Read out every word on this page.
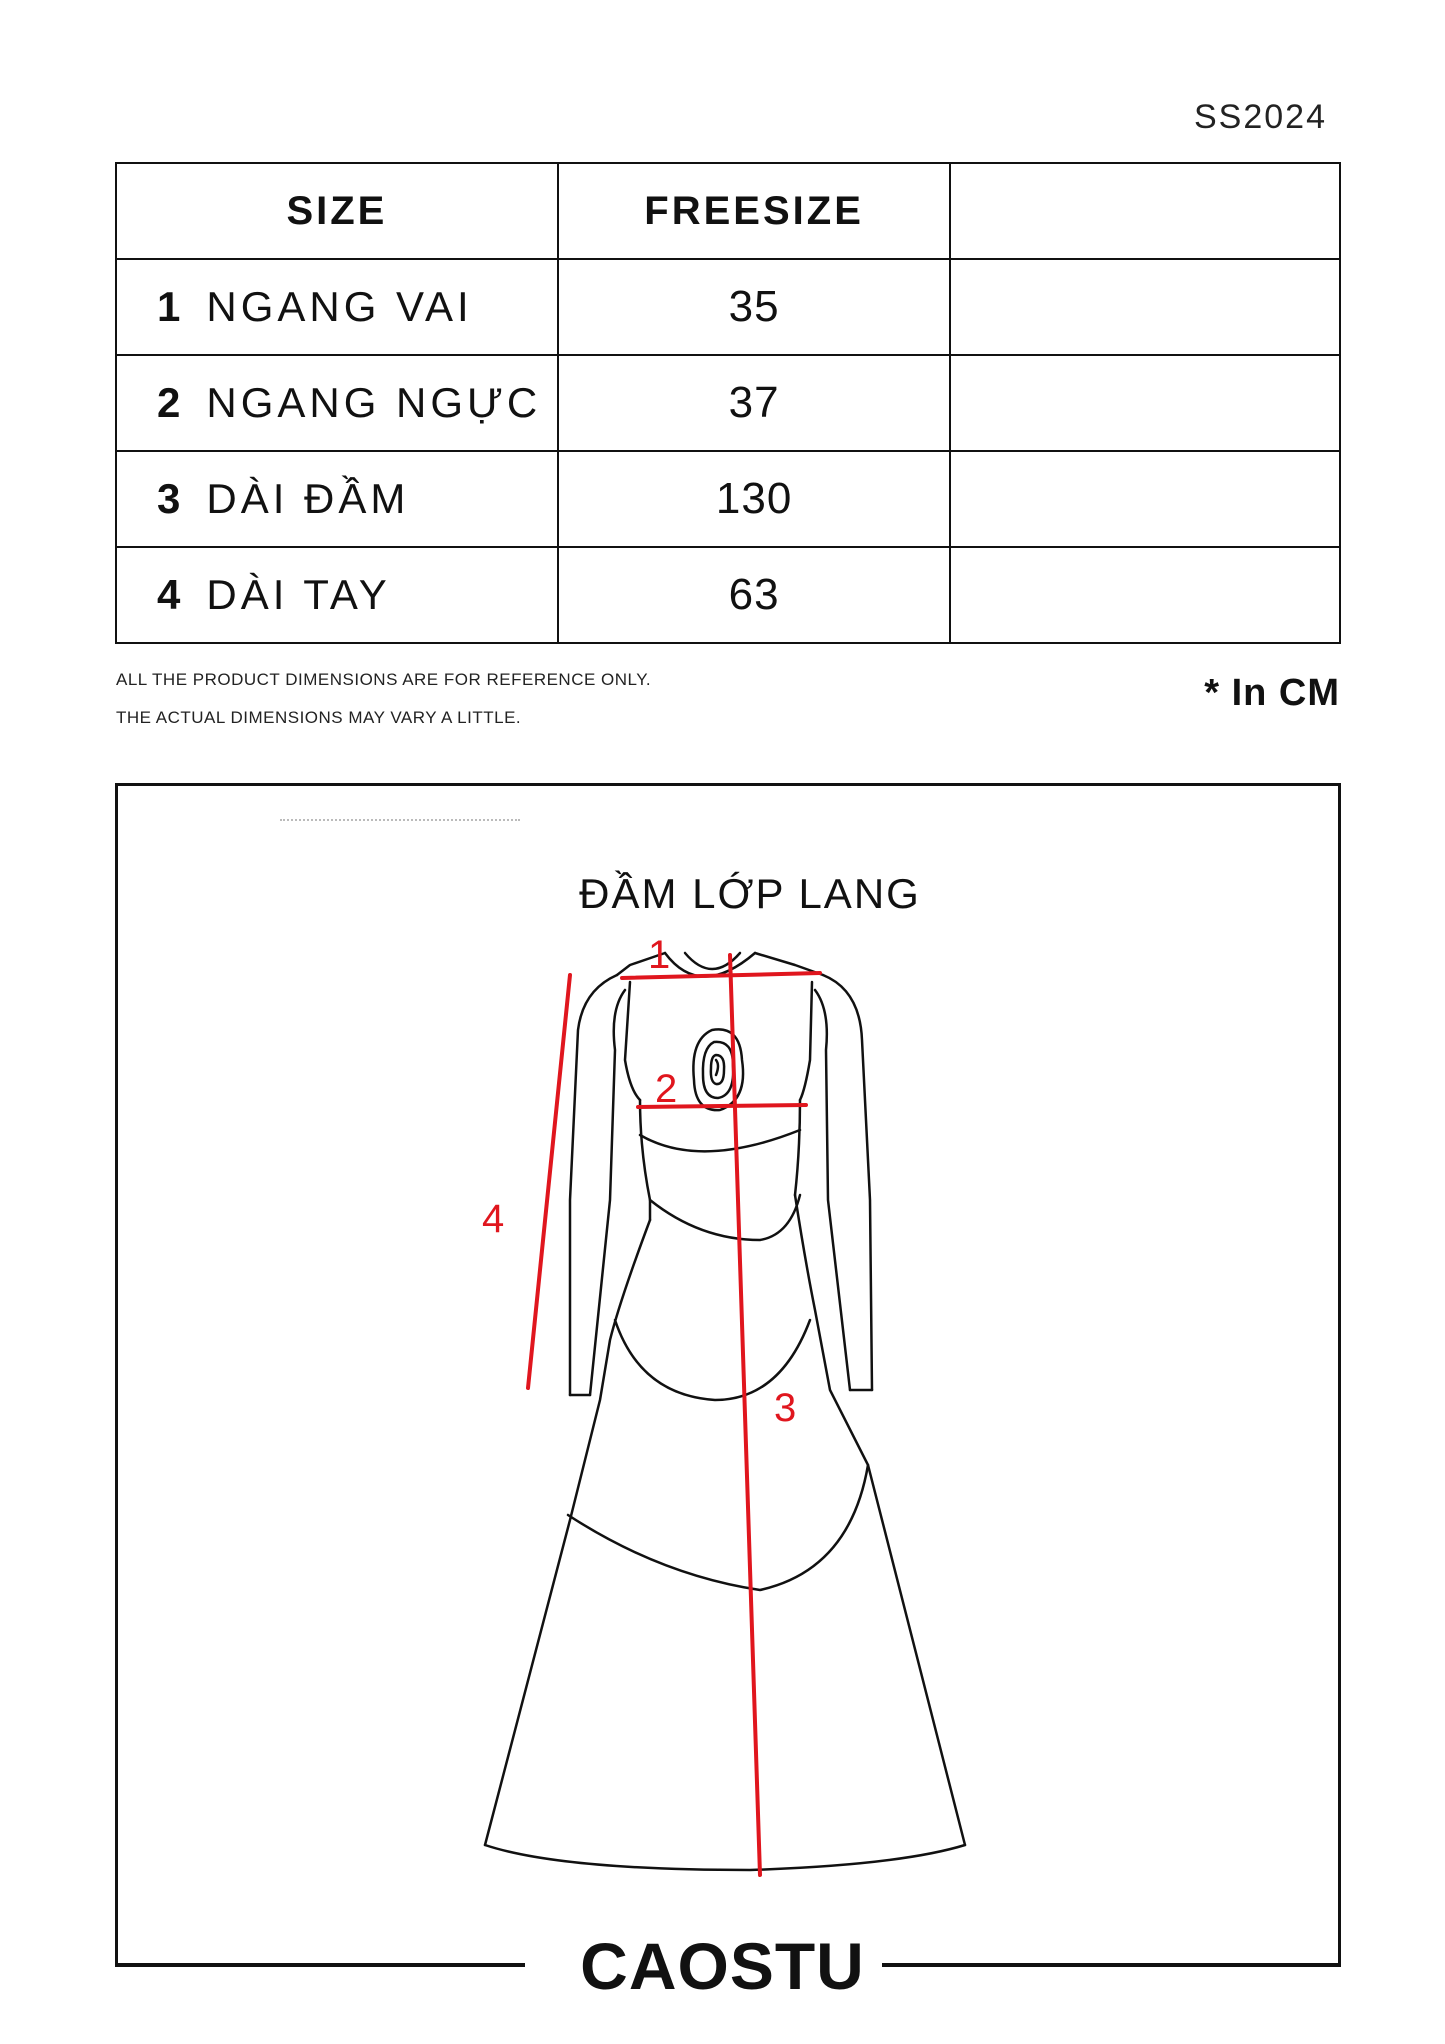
SS2024
SIZE	FREESIZE	
1 NGANG VAI	35	
2 NGANG NGỰC	37	
3 DÀI ĐẦM	130	
4 DÀI TAY	63	
ALL THE PRODUCT DIMENSIONS ARE FOR REFERENCE ONLY.
THE ACTUAL DIMENSIONS MAY VARY A LITTLE.
* In CM
ĐẦM LỚP LANG
1
2
3
4
CAOSTU
